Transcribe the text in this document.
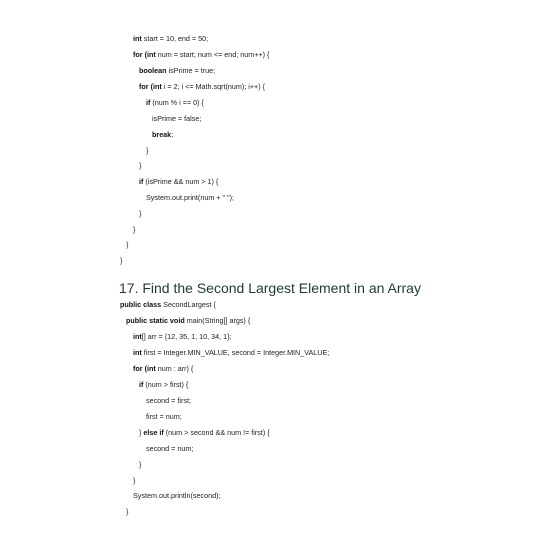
int start = 10, end = 50;
for (int num = start; num <= end; num++) {
boolean isPrime = true;
for (int i = 2; i <= Math.sqrt(num); i++) {
if (num % i == 0) {
isPrime = false;
break;
}
}
if (isPrime && num > 1) {
System.out.print(num + " ");
}
}
}
}
17. Find the Second Largest Element in an Array
public class SecondLargest {
public static void main(String[] args) {
int[] arr = {12, 35, 1, 10, 34, 1};
int first = Integer.MIN_VALUE, second = Integer.MIN_VALUE;
for (int num : arr) {
if (num > first) {
second = first;
first = num;
} else if (num > second && num != first) {
second = num;
}
}
System.out.println(second);
}
